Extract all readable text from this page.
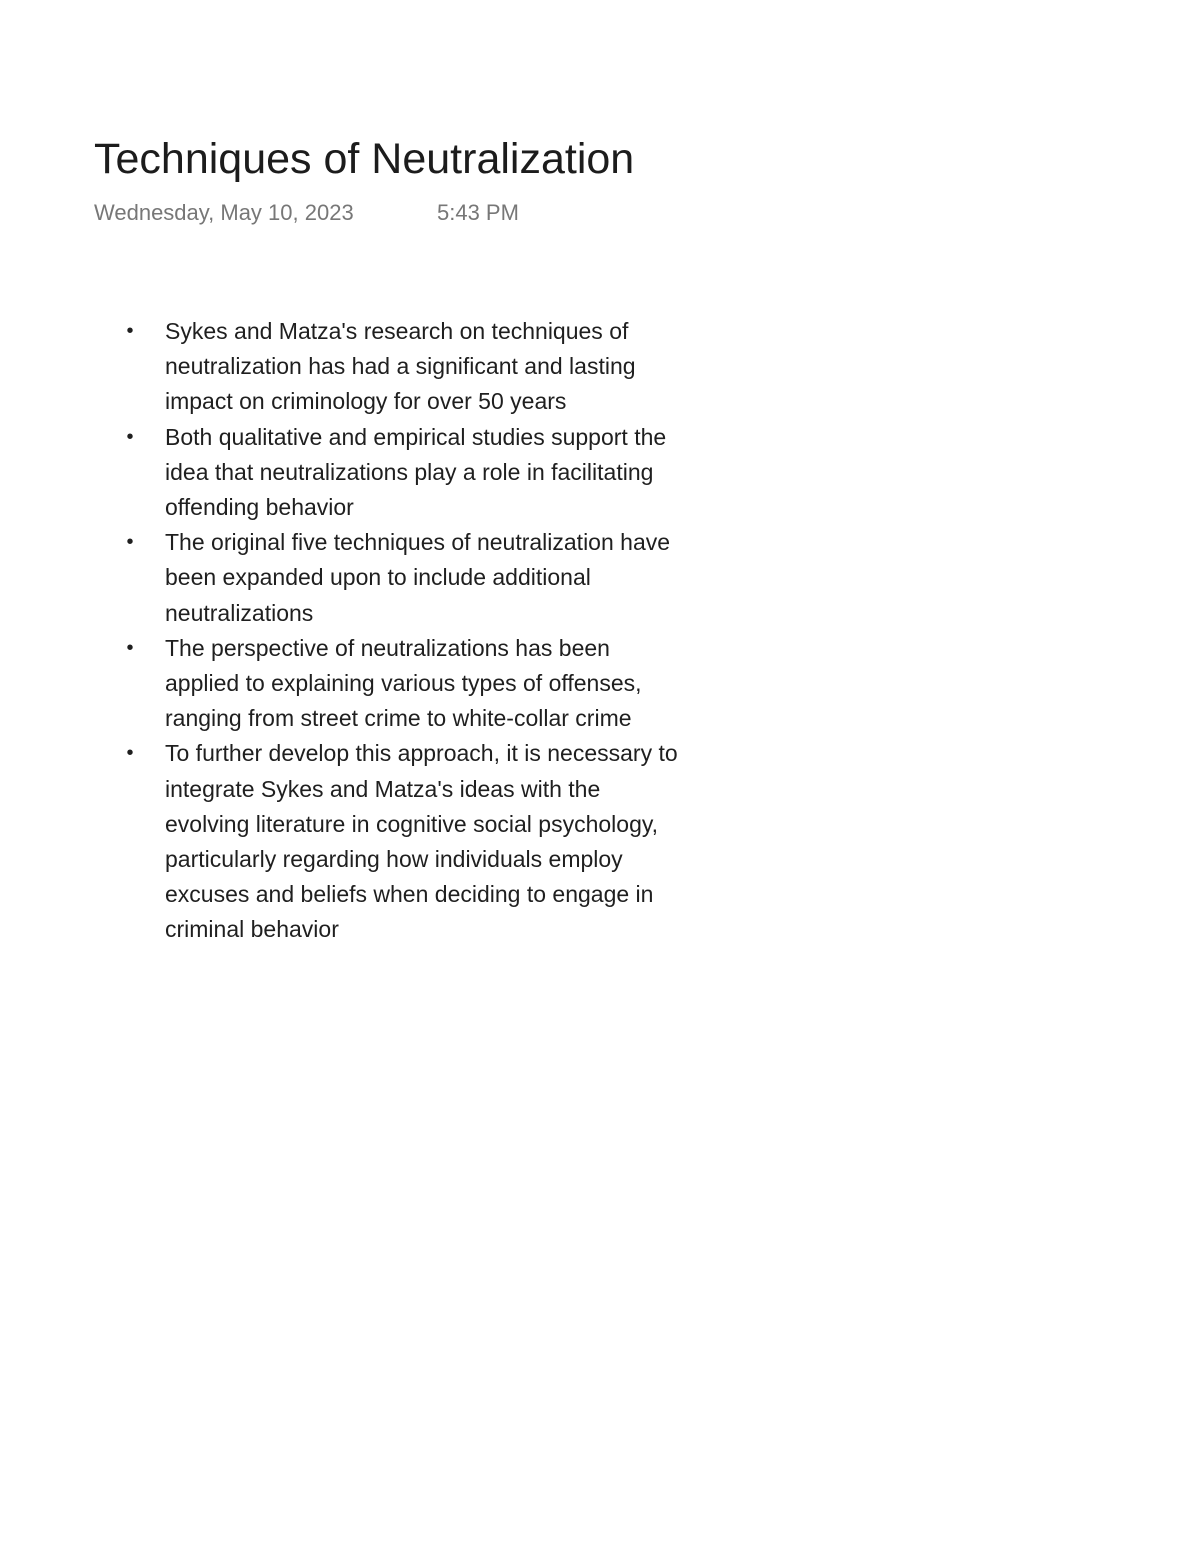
Techniques of Neutralization
Wednesday, May 10, 2023	5:43 PM
• Sykes and Matza's research on techniques of neutralization has had a significant and lasting impact on criminology for over 50 years
• Both qualitative and empirical studies support the idea that neutralizations play a role in facilitating offending behavior
• The original five techniques of neutralization have been expanded upon to include additional neutralizations
• The perspective of neutralizations has been applied to explaining various types of offenses, ranging from street crime to white-collar crime
• To further develop this approach, it is necessary to integrate Sykes and Matza's ideas with the evolving literature in cognitive social psychology, particularly regarding how individuals employ excuses and beliefs when deciding to engage in criminal behavior
